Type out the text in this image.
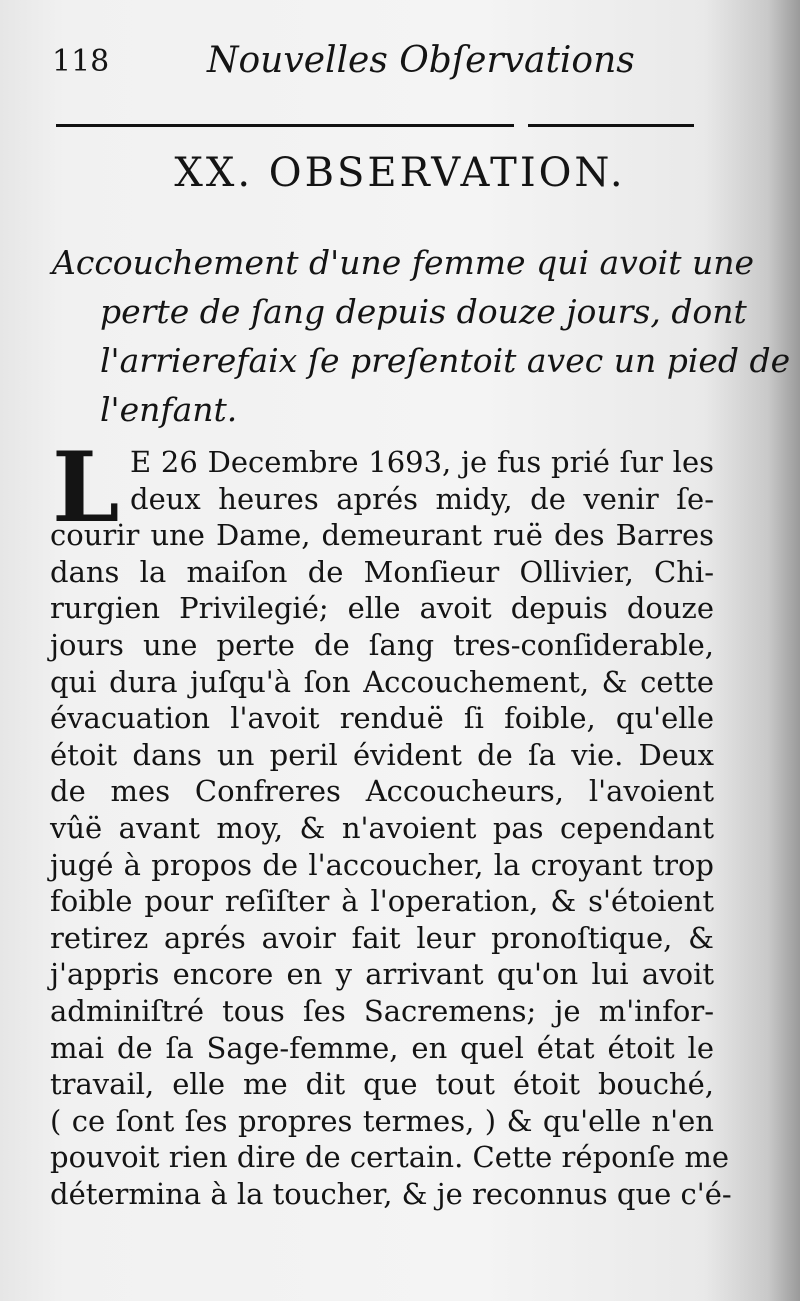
118	Nouvelles Obſervations
XX. OBSERVATION.
Accouchement d'une femme qui avoit une
perte de ſang depuis douze jours, dont
l'arrierefaix ſe preſentoit avec un pied de
l'enfant.
L E 26 Decembre 1693, je fus prié ſur les
deux heures aprés midy, de venir ſe-
courir une Dame, demeurant ruë des Barres
dans la maiſon de Monſieur Ollivier, Chi-
rurgien Privilegié; elle avoit depuis douze
jours une perte de ſang tres-conſiderable,
qui dura juſqu'à ſon Accouchement, & cette
évacuation l'avoit renduë ſi foible, qu'elle
étoit dans un peril évident de ſa vie. Deux
de mes Confreres Accoucheurs, l'avoient
vûë avant moy, & n'avoient pas cependant
jugé à propos de l'accoucher, la croyant trop
foible pour reſiſter à l'operation, & s'étoient
retirez aprés avoir fait leur pronoſtique, &
j'appris encore en y arrivant qu'on lui avoit
adminiſtré tous ſes Sacremens; je m'infor-
mai de ſa Sage-femme, en quel état étoit le
travail, elle me dit que tout étoit bouché,
( ce ſont ſes propres termes, ) & qu'elle n'en
pouvoit rien dire de certain. Cette réponſe me
détermina à la toucher, & je reconnus que c'é-
